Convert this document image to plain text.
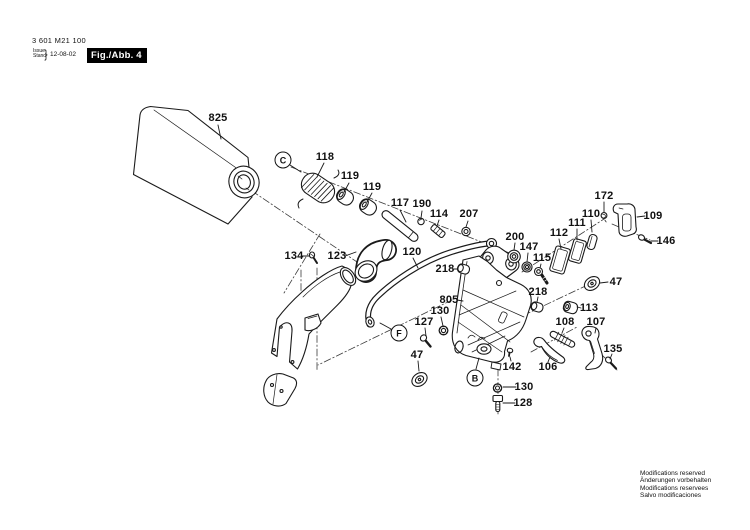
3 601 M21 100
Issue
Stand
} 12-08-02	Fig./Abb. 4
Modifications reserved
Änderungen vorbehalten
Modifications reservees
Salvo modificaciones
825
118
119
119
117 190
114 207
120
134 123
218
200
147
115
112
111
110
172
109
146
47
218
113
108 107
135
106
805
130
127
47
142
130
128
C
F
B
